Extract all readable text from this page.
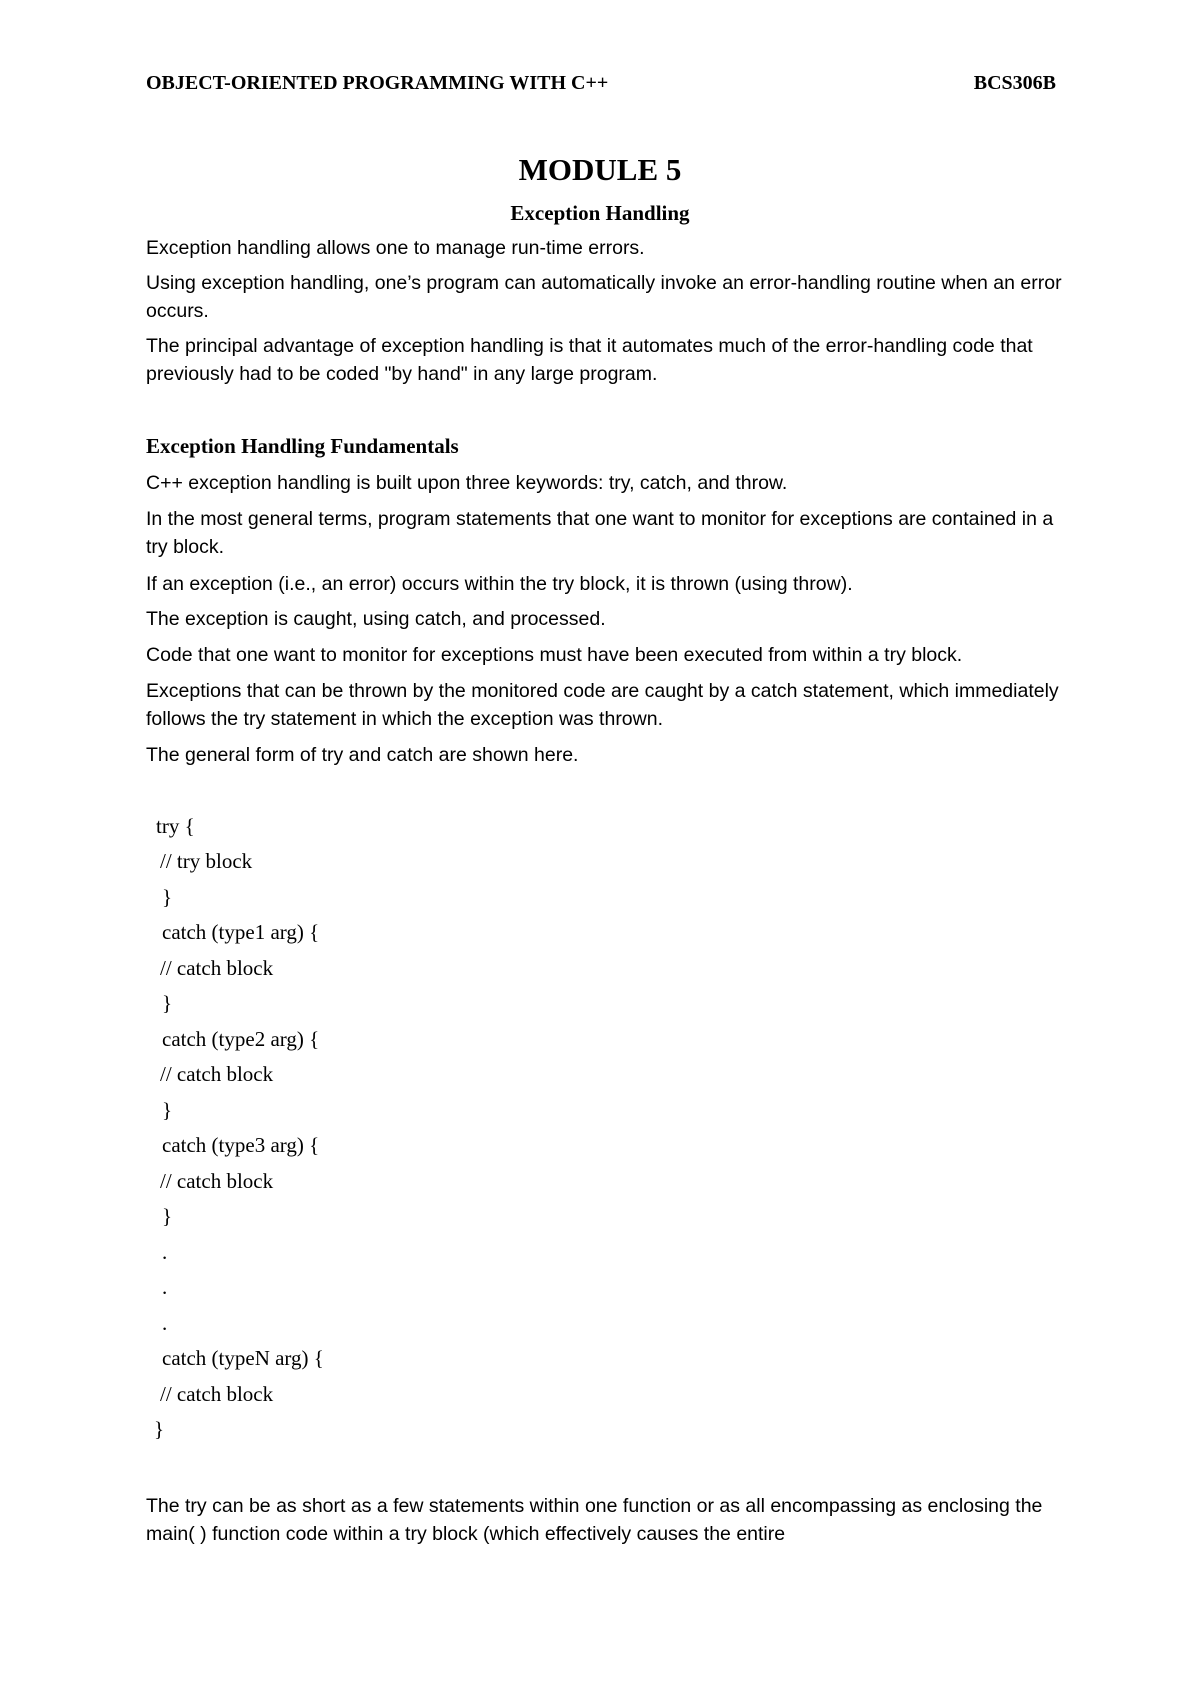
OBJECT-ORIENTED PROGRAMMING WITH C++	BCS306B
MODULE 5
Exception Handling

Exception handling allows one to manage run-time errors.

Using exception handling, one’s program can automatically invoke an error-handling routine when an error occurs.

The principal advantage of exception handling is that it automates much of the error-handling code that previously had to be coded "by hand" in any large program.

Exception Handling Fundamentals

C++ exception handling is built upon three keywords: try, catch, and throw.

In the most general terms, program statements that one want to monitor for exceptions are contained in a try block.

If an exception (i.e., an error) occurs within the try block, it is thrown (using throw).

The exception is caught, using catch, and processed.

Code that one want to monitor for exceptions must have been executed from within a try block.

Exceptions that can be thrown by the monitored code are caught by a catch statement, which immediately follows the try statement in which the exception was thrown.

The general form of try and catch are shown here.

try {
// try block
}
catch (type1 arg) {
// catch block
}
catch (type2 arg) {
// catch block
}
catch (type3 arg) {
// catch block
}
.
.
.
catch (typeN arg) {
// catch block
}

The try can be as short as a few statements within one function or as all encompassing as enclosing the main( ) function code within a try block (which effectively causes the entire
